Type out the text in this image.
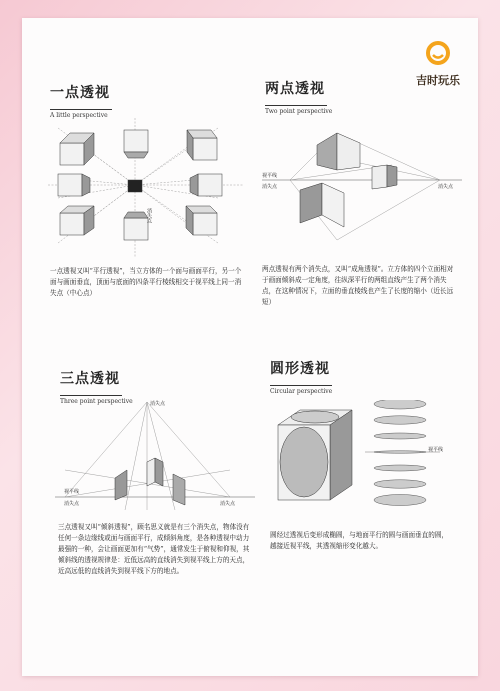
吉时玩乐
一点透视
A little perspective
消失点
一点透视又叫“平行透视”，当立方体的一个面与画面平行，另一个面与画面垂直，顶面与底面的四条平行棱线相交于视平线上同一消失点（中心点）
两点透视
Two point perspective
视平线
消失点	消失点
两点透视有两个消失点，又叫“成角透视”。立方体的四个立面相对于画面倾斜成一定角度，往纵深平行的两组直线产生了两个消失点，在这种情况下，立面的垂直棱线也产生了长度的缩小（近长远短）
三点透视
Three point perspective	消失点
消失点	消失点
视平线
三点透视又叫“倾斜透视”，顾名思义就是有三个消失点，物体没有任何一条边缘线或面与画面平行，成倾斜角度，是各种透视中动力最强的一种，会让画面更加有“气势”，通常发生于俯视和仰视，其倾斜线的透视规律是：近低远高的直线消失到视平线上方的天点，近高远低的直线消失到视平线下方的地点。
圆形透视
Circular perspective
视平线
圆经过透视后变形成椭圆，与地面平行的圆与画面垂直的圆，越接近视平线，其透视缩形变化越大。
